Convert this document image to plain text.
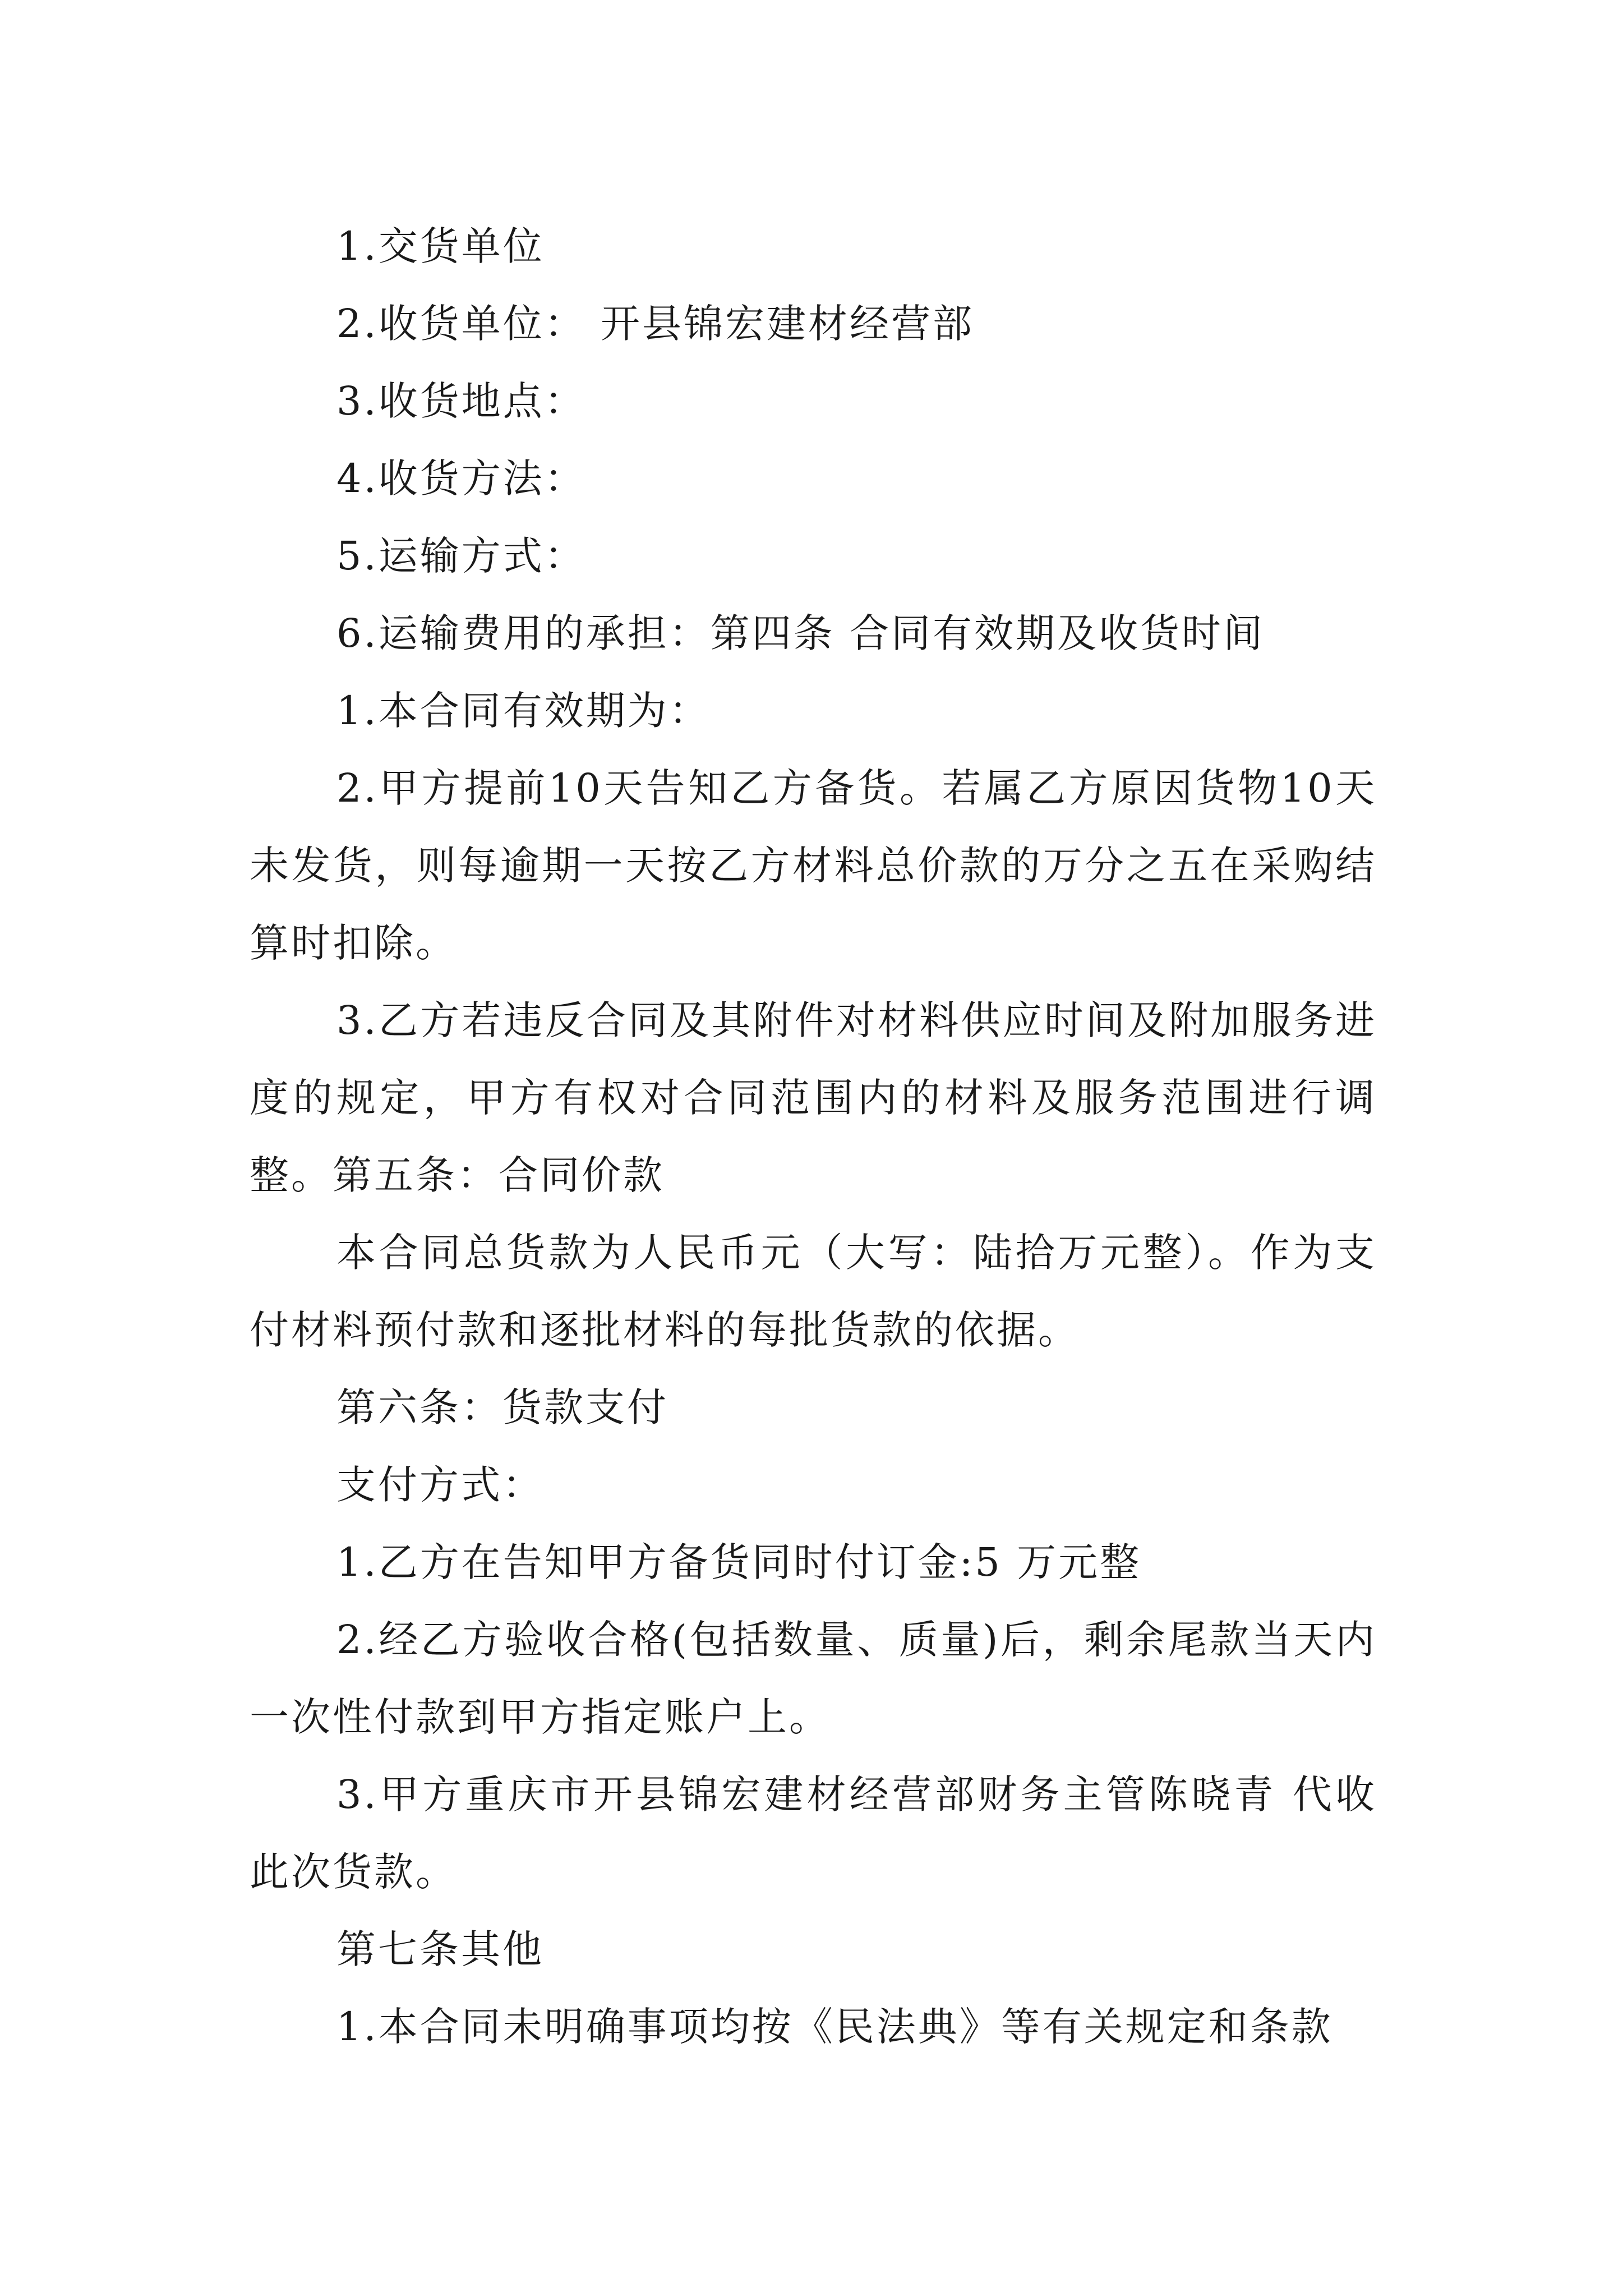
1.交货单位

2.收货单位： 开县锦宏建材经营部

3.收货地点：

4.收货方法：

5.运输方式：

6.运输费用的承担：第四条 合同有效期及收货时间

1.本合同有效期为：

2.甲方提前10天告知乙方备货。若属乙方原因货物10天未发货，则每逾期一天按乙方材料总价款的万分之五在采购结算时扣除。

3.乙方若违反合同及其附件对材料供应时间及附加服务进度的规定，甲方有权对合同范围内的材料及服务范围进行调整。第五条：合同价款

本合同总货款为人民币元（大写：陆拾万元整）。作为支付材料预付款和逐批材料的每批货款的依据。

第六条：货款支付

支付方式：

1.乙方在告知甲方备货同时付订金:5 万元整

2.经乙方验收合格(包括数量、质量)后，剩余尾款当天内一次性付款到甲方指定账户上。

3.甲方重庆市开县锦宏建材经营部财务主管陈晓青 代收此次货款。

第七条其他

1.本合同未明确事项均按《民法典》等有关规定和条款
